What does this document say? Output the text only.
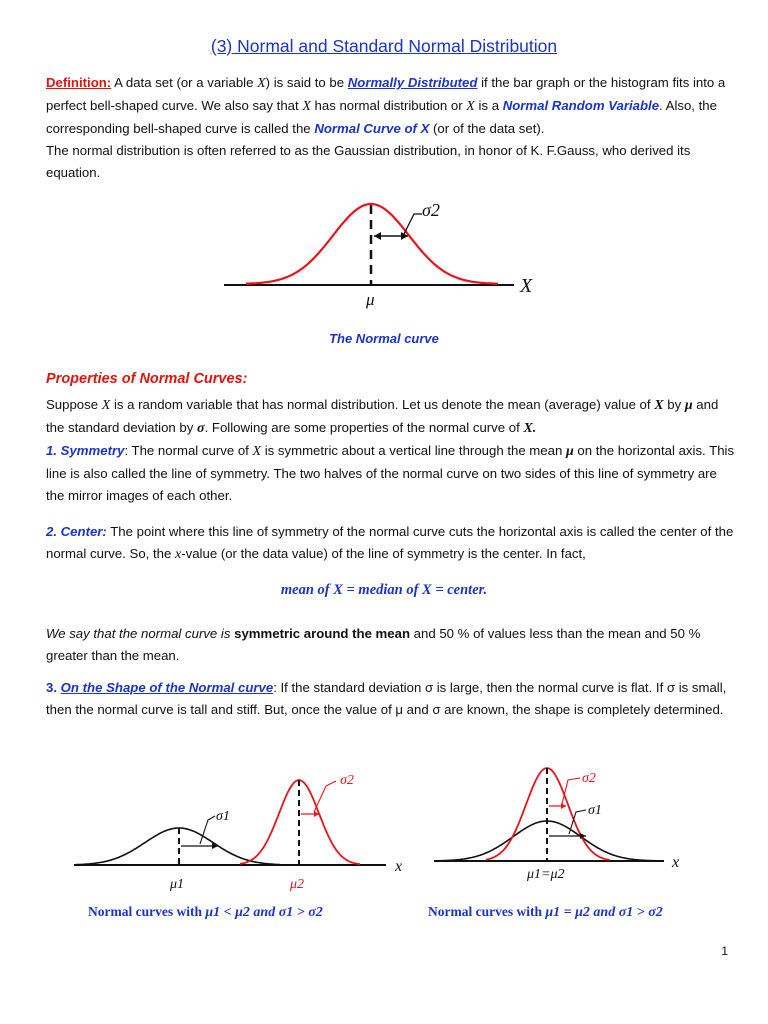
(3) Normal and Standard Normal Distribution
Definition: A data set (or a variable X) is said to be Normally Distributed if the bar graph or the histogram fits into a perfect bell-shaped curve. We also say that X has normal distribution or X is a Normal Random Variable. Also, the corresponding bell-shaped curve is called the Normal Curve of X (or of the data set).
The normal distribution is often referred to as the Gaussian distribution, in honor of K. F.Gauss, who derived its equation.
σ2
μ
X
The Normal curve
Properties of Normal Curves:
Suppose X is a random variable that has normal distribution. Let us denote the mean (average) value of X by μ and the standard deviation by σ. Following are some properties of the normal curve of X.
1. Symmetry: The normal curve of X is symmetric about a vertical line through the mean μ on the horizontal axis. This line is also called the line of symmetry. The two halves of the normal curve on two sides of this line of symmetry are the mirror images of each other.
2. Center: The point where this line of symmetry of the normal curve cuts the horizontal axis is called the center of the normal curve. So, the x-value (or the data value) of the line of symmetry is the center. In fact,
mean of X = median of X = center.
We say that the normal curve is symmetric around the mean and 50 % of values less than the mean and 50 % greater than the mean.
3. On the Shape of the Normal curve: If the standard deviation σ is large, then the normal curve is flat. If σ is small, then the normal curve is tall and stiff. But, once the value of μ and σ are known, the shape is completely determined.
σ1
σ2
μ1	μ2
x
Normal curves with μ1 < μ2 and σ1 > σ2
σ2
σ1
μ1=μ2
x
Normal curves with μ1 = μ2 and σ1 > σ2
1
